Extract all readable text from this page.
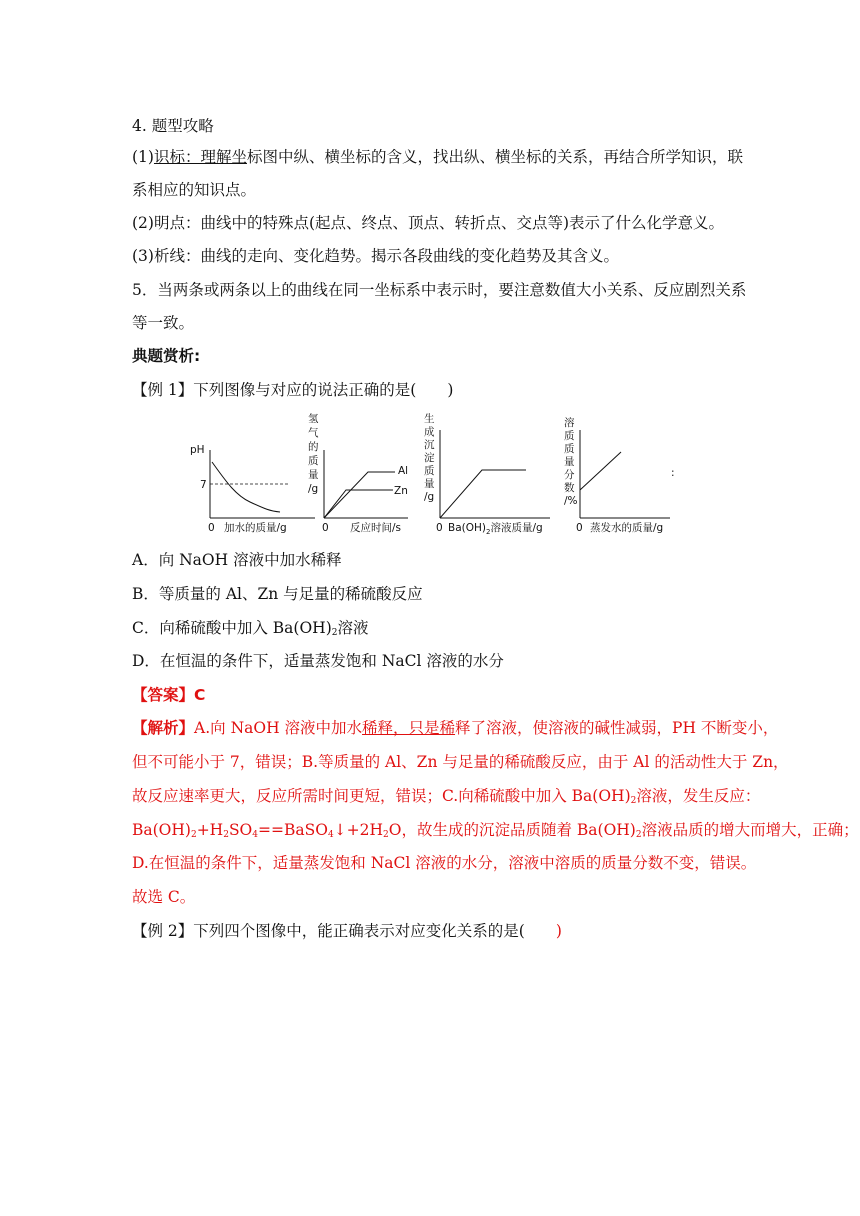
4. 题型攻略
(1)识标：理解坐标图中纵、横坐标的含义，找出纵、横坐标的关系，再结合所学知识，联
系相应的知识点。
(2)明点：曲线中的特殊点(起点、终点、顶点、转折点、交点等)表示了什么化学意义。
(3)析线：曲线的走向、变化趋势。揭示各段曲线的变化趋势及其含义。
5．当两条或两条以上的曲线在同一坐标系中表示时，要注意数值大小关系、反应剧烈关系
等一致。
典题赏析:
【例 1】下列图像与对应的说法正确的是(　　)
pH
7
0 加水的质量/g
氢
气
的
质
量
/g
Al
Zn
0 反应时间/s
生
成
沉
淀
质
量
/g
0 $Ba(OH)_2$溶液质量/g
溶
质
质
量
分
数
/%
0 蒸发水的质量/g
:
A．向 NaOH 溶液中加水稀释
B．等质量的 Al、Zn 与足量的稀硫酸反应
C．向稀硫酸中加入 $Ba(OH)_2$溶液
D．在恒温的条件下，适量蒸发饱和 NaCl 溶液的水分
【答案】C
【解析】A.向 NaOH 溶液中加水稀释，只是稀释了溶液，使溶液的碱性减弱，PH 不断变小，
但不可能小于 7，错误；B.等质量的 Al、Zn 与足量的稀硫酸反应，由于 Al 的活动性大于 Zn，
故反应速率更大，反应所需时间更短，错误；C.向稀硫酸中加入 $Ba(OH)_2$溶液，发生反应：
$Ba(OH)_2+H_2SO_4==BaSO_4↓+2H_2O$，故生成的沉淀品质随着 $Ba(OH)_2$溶液品质的增大而增大，正确；
D.在恒温的条件下，适量蒸发饱和 NaCl 溶液的水分，溶液中溶质的质量分数不变，错误。
故选 C。
【例 2】下列四个图像中，能正确表示对应变化关系的是(　　)
